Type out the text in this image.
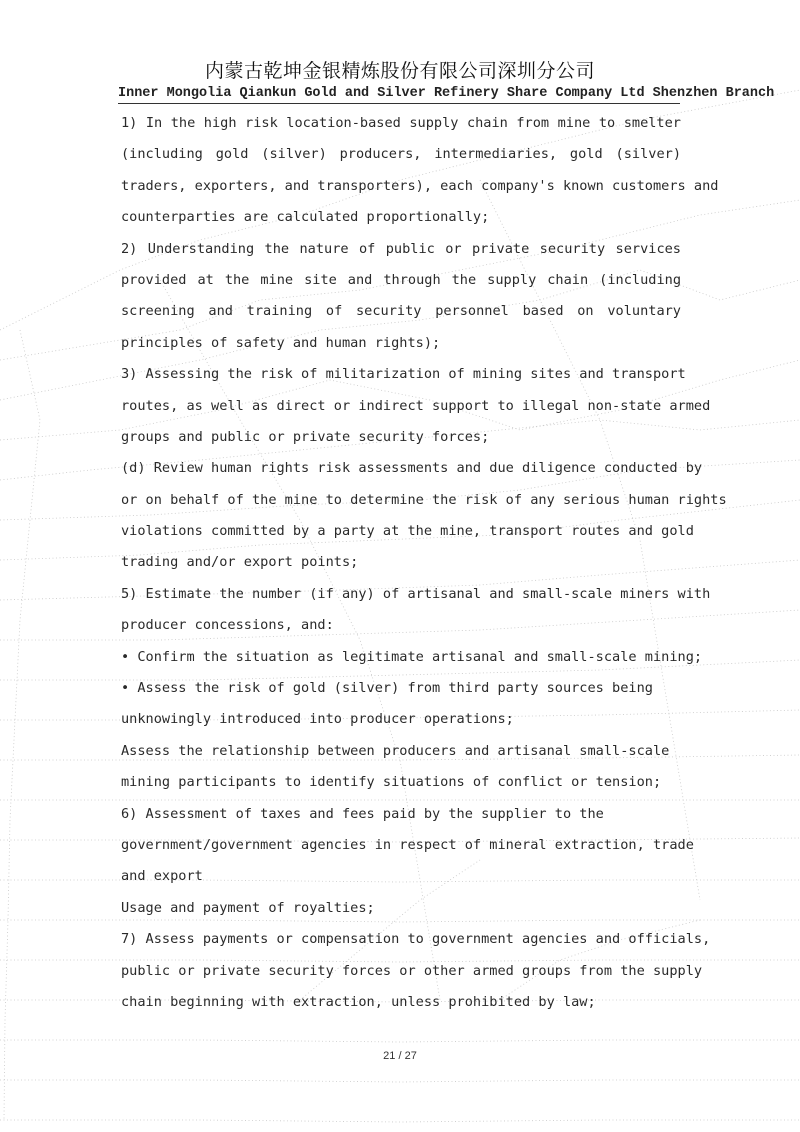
内蒙古乾坤金银精炼股份有限公司深圳分公司
Inner Mongolia Qiankun Gold and Silver Refinery Share Company Ltd Shenzhen Branch
1) In the high risk location-based supply chain from mine to smelter
(including gold (silver) producers, intermediaries, gold (silver)
traders, exporters, and transporters), each company's known customers and
counterparties are calculated proportionally;
2) Understanding the nature of public or private security services
provided at the mine site and through the supply chain (including
screening and training of security personnel based on voluntary
principles of safety and human rights);
3) Assessing the risk of militarization of mining sites and transport
routes, as well as direct or indirect support to illegal non-state armed
groups and public or private security forces;
(d) Review human rights risk assessments and due diligence conducted by
or on behalf of the mine to determine the risk of any serious human rights
violations committed by a party at the mine, transport routes and gold
trading and/or export points;
5) Estimate the number (if any) of artisanal and small-scale miners with
producer concessions, and:
• Confirm the situation as legitimate artisanal and small-scale mining;
• Assess the risk of gold (silver) from third party sources being
unknowingly introduced into producer operations;
Assess the relationship between producers and artisanal small-scale
mining participants to identify situations of conflict or tension;
6) Assessment of taxes and fees paid by the supplier to the
government/government agencies in respect of mineral extraction, trade
and export
Usage and payment of royalties;
7) Assess payments or compensation to government agencies and officials,
public or private security forces or other armed groups from the supply
chain beginning with extraction, unless prohibited by law;
21 / 27
